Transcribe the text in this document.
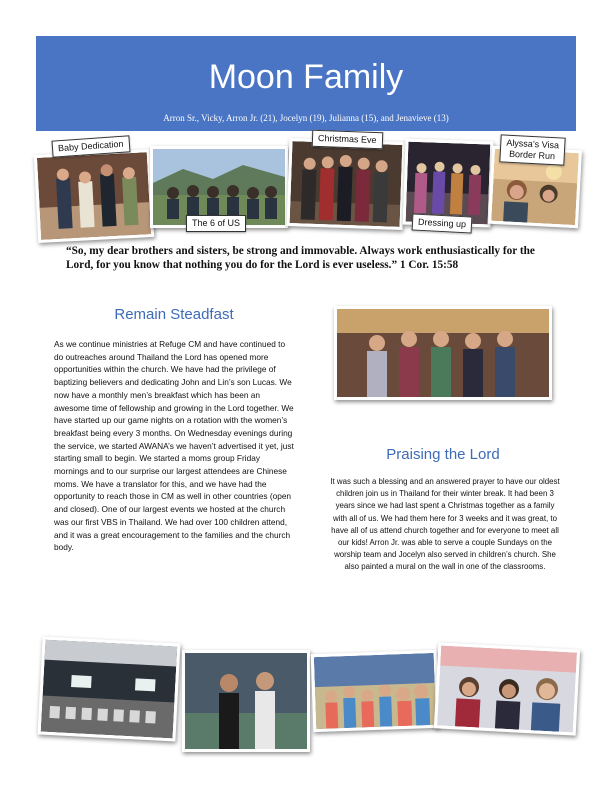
Moon Family
Arron Sr., Vicky, Arron Jr. (21), Jocelyn (19), Julianna (15), and Jenavieve (13)
Baby Dedication
The 6 of US
Christmas Eve
Dressing up
Alyssa’s Visa
Border Run
“So, my dear brothers and sisters, be strong and immovable. Always work enthusiastically for the Lord, for you know that nothing you do for the Lord is ever useless.” 1 Cor. 15:58
Remain Steadfast
As we continue ministries at Refuge CM and have continued to do outreaches around Thailand the Lord has opened more opportunities within the church. We have had the privilege of baptizing believers and dedicating John and Lin’s son Lucas. We now have a monthly men’s breakfast which has been an awesome time of fellowship and growing in the Lord together. We have started up our game nights on a rotation with the women’s breakfast being every 3 months. On Wednesday evenings during the service, we started AWANA’s we haven’t advertised it yet, just starting small to begin. We started a moms group Friday mornings and to our surprise our largest attendees are Chinese moms. We have a translator for this, and we have had the opportunity to reach those in CM as well in other countries (open and closed). One of our largest events we hosted at the church was our first VBS in Thailand. We had over 100 children attend, and it was a great encouragement to the families and the church body.
Praising the Lord
It was such a blessing and an answered prayer to have our oldest children join us in Thailand for their winter break. It had been 3 years since we had last spent a Christmas together as a family with all of us. We had them here for 3 weeks and it was great, to have all of us attend church together and for everyone to meet all our kids! Arron Jr. was able to serve a couple Sundays on the worship team and Jocelyn also served in children’s church. She also painted a mural on the wall in one of the classrooms.
